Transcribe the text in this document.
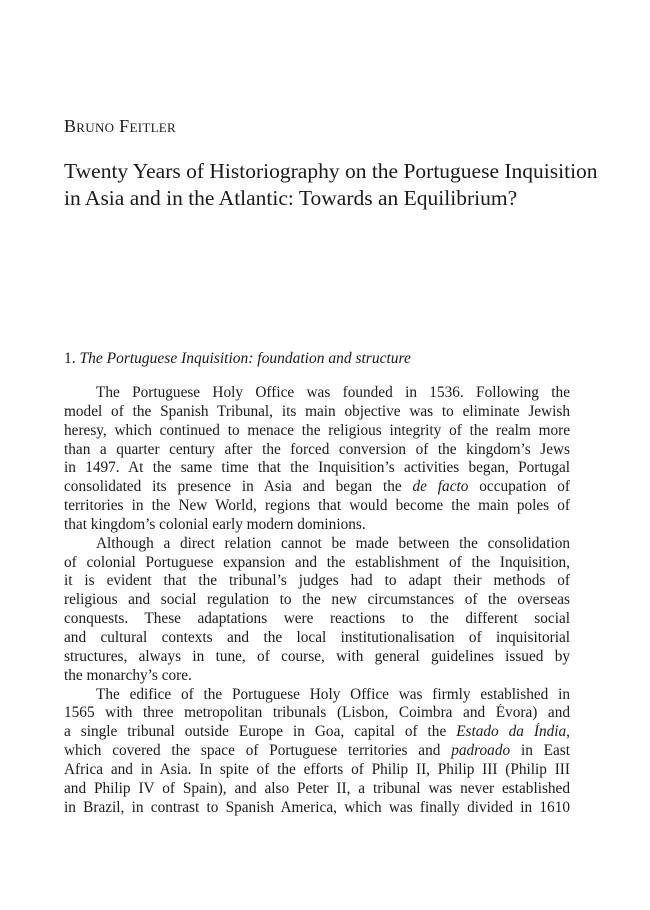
Bruno Feitler
Twenty Years of Historiography on the Portuguese Inquisition
in Asia and in the Atlantic: Towards an Equilibrium?
1. The Portuguese Inquisition: foundation and structure

The Portuguese Holy Office was founded in 1536. Following the
model of the Spanish Tribunal, its main objective was to eliminate Jewish
heresy, which continued to menace the religious integrity of the realm more
than a quarter century after the forced conversion of the kingdom’s Jews
in 1497. At the same time that the Inquisition’s activities began, Portugal
consolidated its presence in Asia and began the de facto occupation of
territories in the New World, regions that would become the main poles of
that kingdom’s colonial early modern dominions.

Although a direct relation cannot be made between the consolidation
of colonial Portuguese expansion and the establishment of the Inquisition,
it is evident that the tribunal’s judges had to adapt their methods of
religious and social regulation to the new circumstances of the overseas
conquests. These adaptations were reactions to the different social
and cultural contexts and the local institutionalisation of inquisitorial
structures, always in tune, of course, with general guidelines issued by
the monarchy’s core.

The edifice of the Portuguese Holy Office was firmly established in
1565 with three metropolitan tribunals (Lisbon, Coimbra and Évora) and
a single tribunal outside Europe in Goa, capital of the Estado da Índia,
which covered the space of Portuguese territories and padroado in East
Africa and in Asia. In spite of the efforts of Philip II, Philip III (Philip III
and Philip IV of Spain), and also Peter II, a tribunal was never established
in Brazil, in contrast to Spanish America, which was finally divided in 1610
